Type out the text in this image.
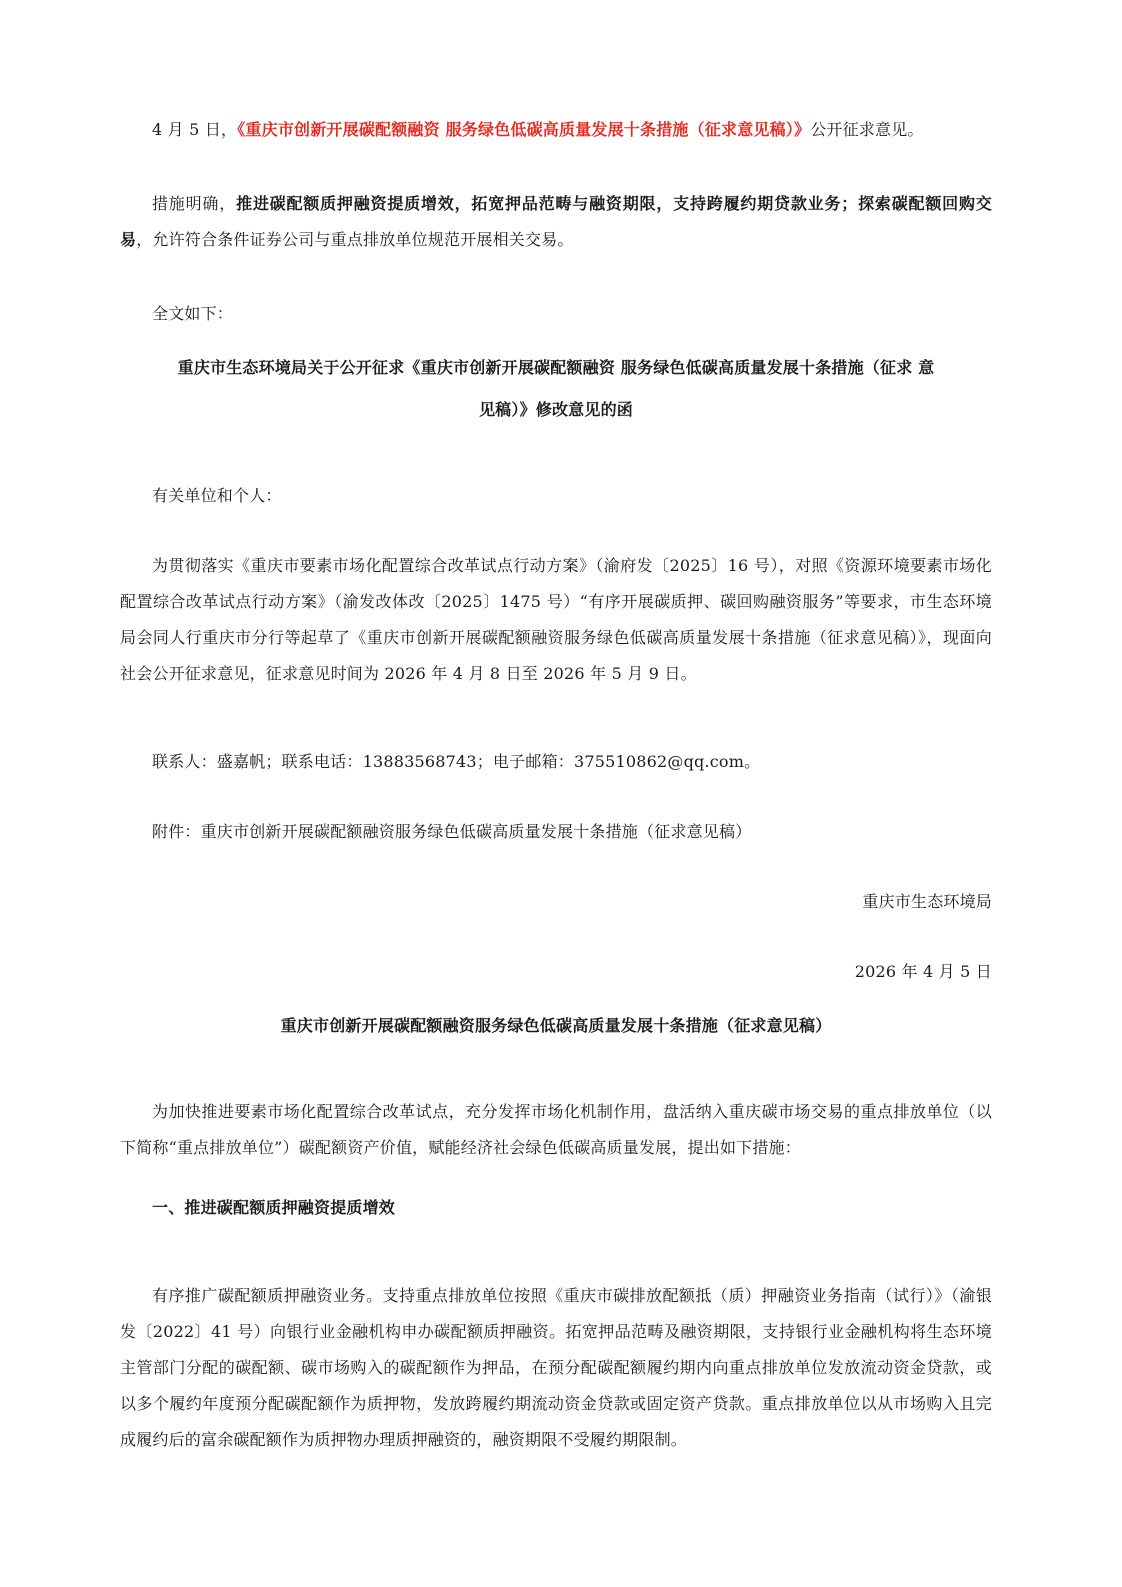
4 月 5 日，《重庆市创新开展碳配额融资 服务绿色低碳高质量发展十条措施（征求意见稿）》公开征求意见。

措施明确，推进碳配额质押融资提质增效，拓宽押品范畴与融资期限，支持跨履约期贷款业务；探索碳配额回购交易，允许符合条件证券公司与重点排放单位规范开展相关交易。

全文如下：

重庆市生态环境局关于公开征求《重庆市创新开展碳配额融资 服务绿色低碳高质量发展十条措施（征求 意
见稿）》修改意见的函

有关单位和个人：

为贯彻落实《重庆市要素市场化配置综合改革试点行动方案》（渝府发〔2025〕16 号），对照《资源环境要素市场化配置综合改革试点行动方案》（渝发改体改〔2025〕1475 号）“有序开展碳质押、碳回购融资服务”等要求，市生态环境局会同人行重庆市分行等起草了《重庆市创新开展碳配额融资服务绿色低碳高质量发展十条措施（征求意见稿）》，现面向社会公开征求意见，征求意见时间为 2026 年 4 月 8 日至 2026 年 5 月 9 日。

联系人：盛嘉帆；联系电话：13883568743；电子邮箱：375510862@qq.com。

附件：重庆市创新开展碳配额融资服务绿色低碳高质量发展十条措施（征求意见稿）

重庆市生态环境局

2026 年 4 月 5 日

重庆市创新开展碳配额融资服务绿色低碳高质量发展十条措施（征求意见稿）

为加快推进要素市场化配置综合改革试点，充分发挥市场化机制作用，盘活纳入重庆碳市场交易的重点排放单位（以下简称“重点排放单位”）碳配额资产价值，赋能经济社会绿色低碳高质量发展，提出如下措施：

一、推进碳配额质押融资提质增效

有序推广碳配额质押融资业务。支持重点排放单位按照《重庆市碳排放配额抵（质）押融资业务指南（试行）》（渝银发〔2022〕41 号）向银行业金融机构申办碳配额质押融资。拓宽押品范畴及融资期限，支持银行业金融机构将生态环境主管部门分配的碳配额、碳市场购入的碳配额作为押品，在预分配碳配额履约期内向重点排放单位发放流动资金贷款，或以多个履约年度预分配碳配额作为质押物，发放跨履约期流动资金贷款或固定资产贷款。重点排放单位以从市场购入且完成履约后的富余碳配额作为质押物办理质押融资的，融资期限不受履约期限制。
